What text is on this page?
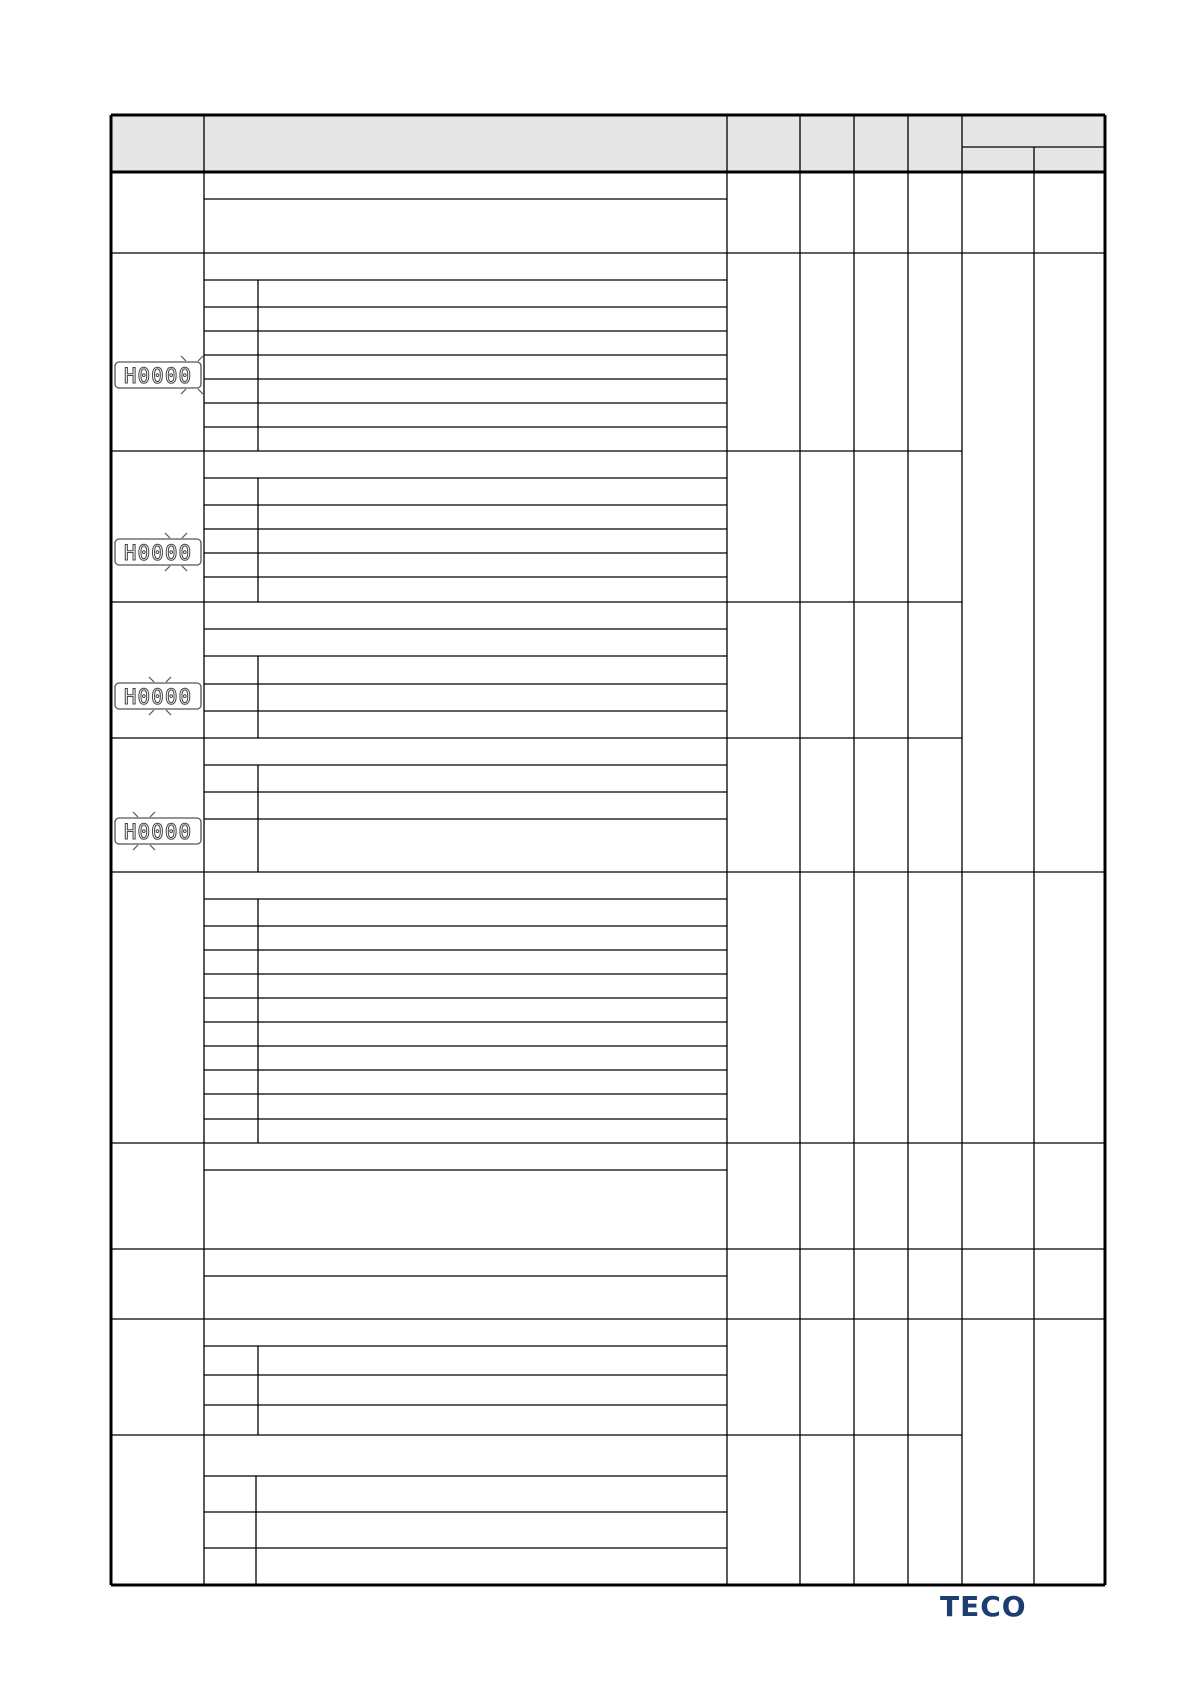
H0000
H0000
H0000
H0000
TECO
